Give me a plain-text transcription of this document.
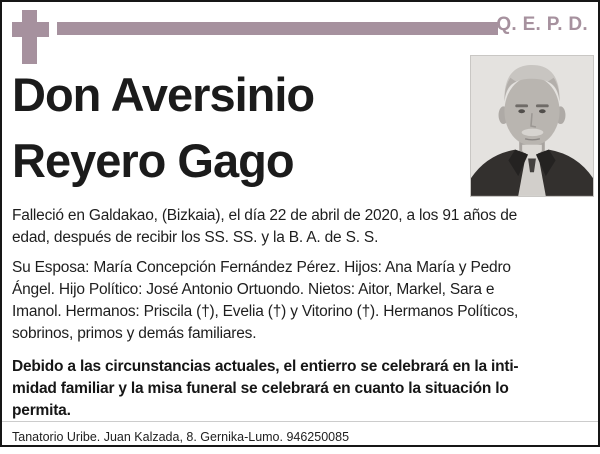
Q. E. P. D.
Don Aversinio
Reyero Gago

Falleció en Galdakao, (Bizkaia), el día 22 de abril de 2020, a los 91 años de
edad, después de recibir los SS. SS. y la B. A. de S. S.

Su Esposa: María Concepción Fernández Pérez. Hijos: Ana María y Pedro
Ángel. Hijo Político: José Antonio Ortuondo. Nietos: Aitor, Markel, Sara e
Imanol. Hermanos: Priscila (†), Evelia (†) y Vitorino (†). Hermanos Políticos,
sobrinos, primos y demás familiares.

Debido a las circunstancias actuales, el entierro se celebrará en la inti-
midad familiar y la misa funeral se celebrará en cuanto la situación lo
permita.

Tanatorio Uribe. Juan Kalzada, 8. Gernika-Lumo. 946250085
